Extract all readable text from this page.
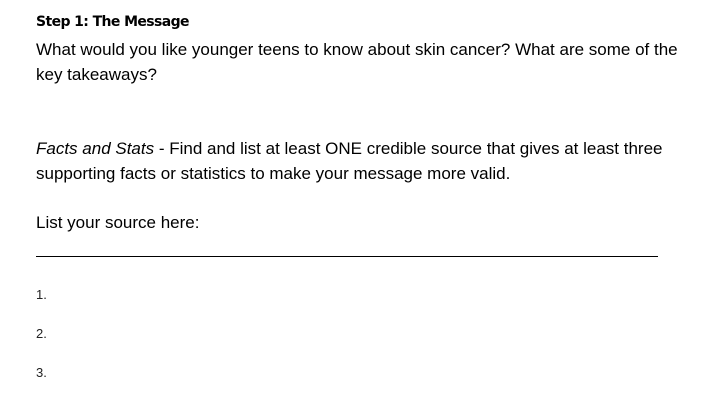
Step 1: The Message
What would you like younger teens to know about skin cancer? What are some of the key takeaways?
Facts and Stats - Find and list at least ONE credible source that gives at least three supporting facts or statistics to make your message more valid.
List your source here:
1.
2.
3.
